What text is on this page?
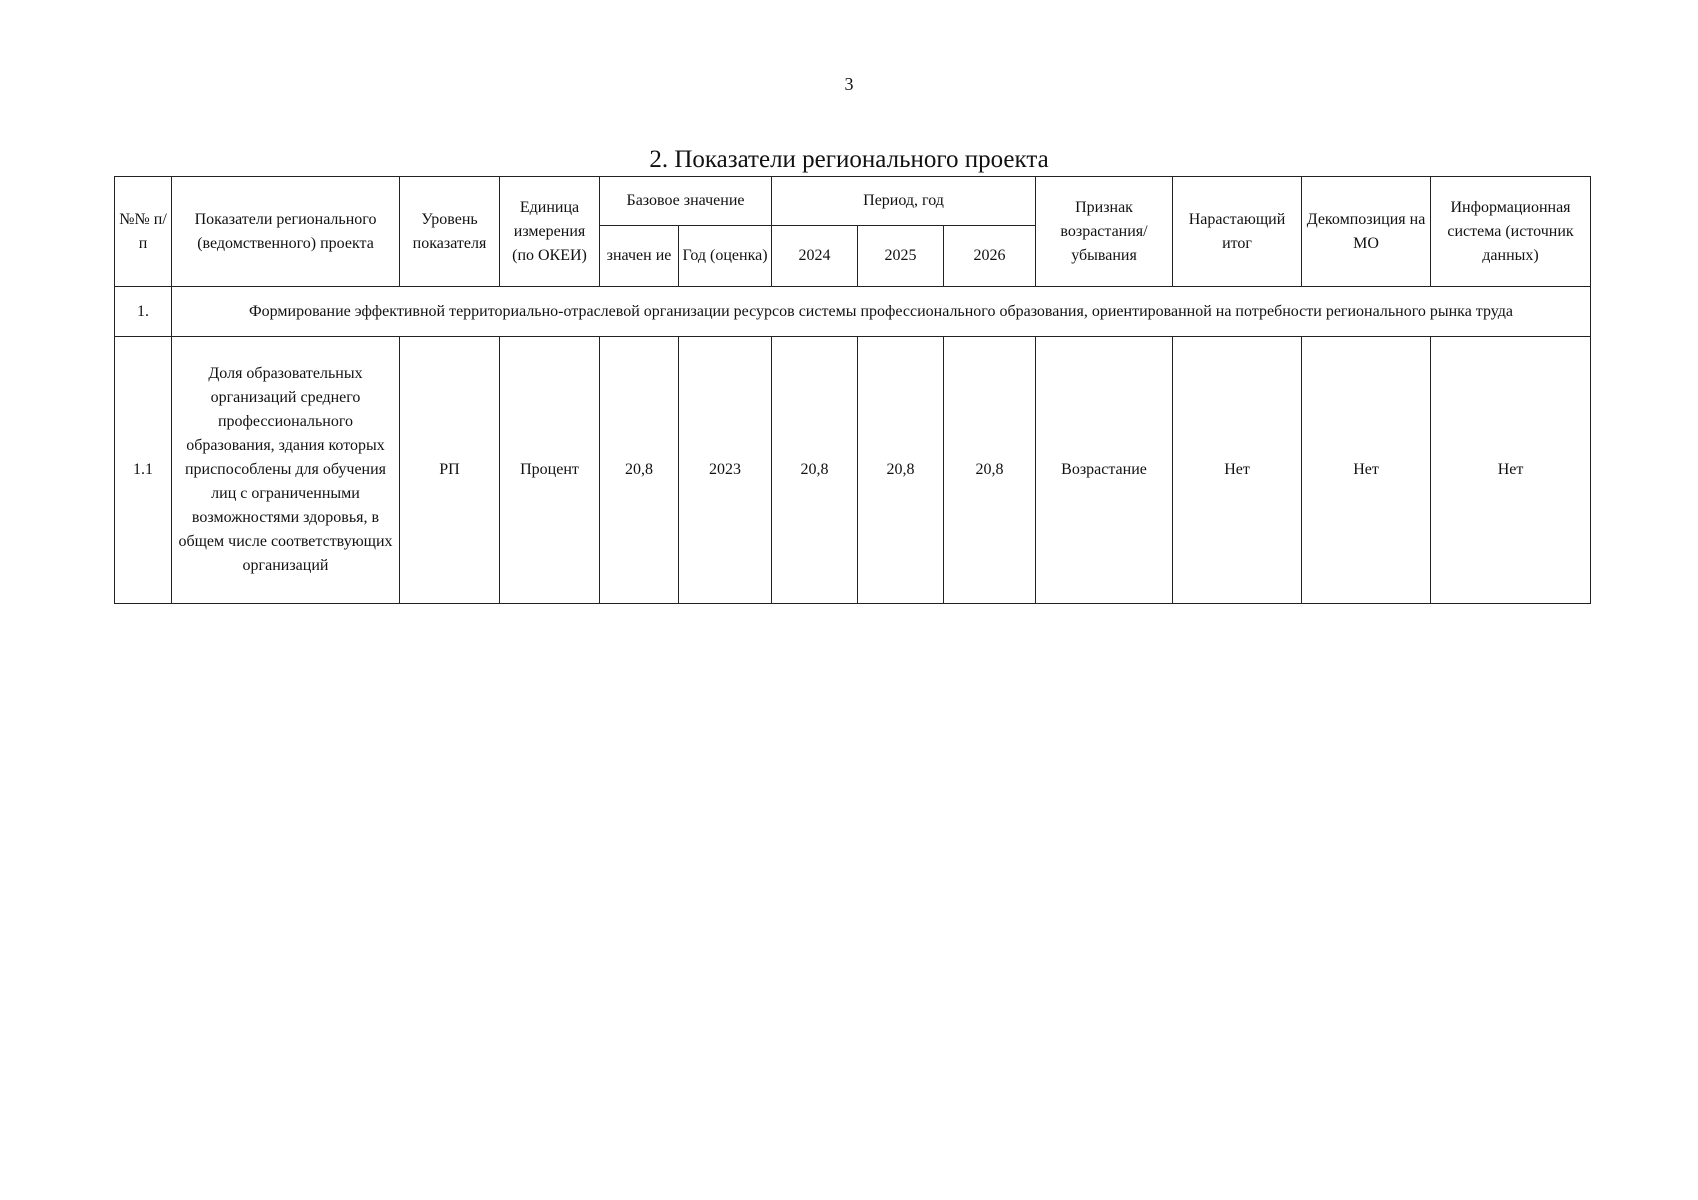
3
2. Показатели регионального проекта
№№ п/п	Показатели регионального (ведомственного) проекта	Уровень показателя	Единица измерения (по ОКЕИ)	Базовое значение		Период, год			Признак возрастания/ убывания	Нарастающий итог	Декомпозиция на МО	Информационная система (источник данных)
				значен ие	Год (оценка)	2024	2025	2026				
1.	Формирование эффективной территориально-отраслевой организации ресурсов системы профессионального образования, ориентированной на потребности регионального рынка труда											
1.1	Доля образовательных организаций среднего профессионального образования, здания которых приспособлены для обучения лиц с ограниченными возможностями здоровья, в общем числе соответствующих организаций	РП	Процент	20,8	2023	20,8	20,8	20,8	Возрастание	Нет	Нет	Нет
